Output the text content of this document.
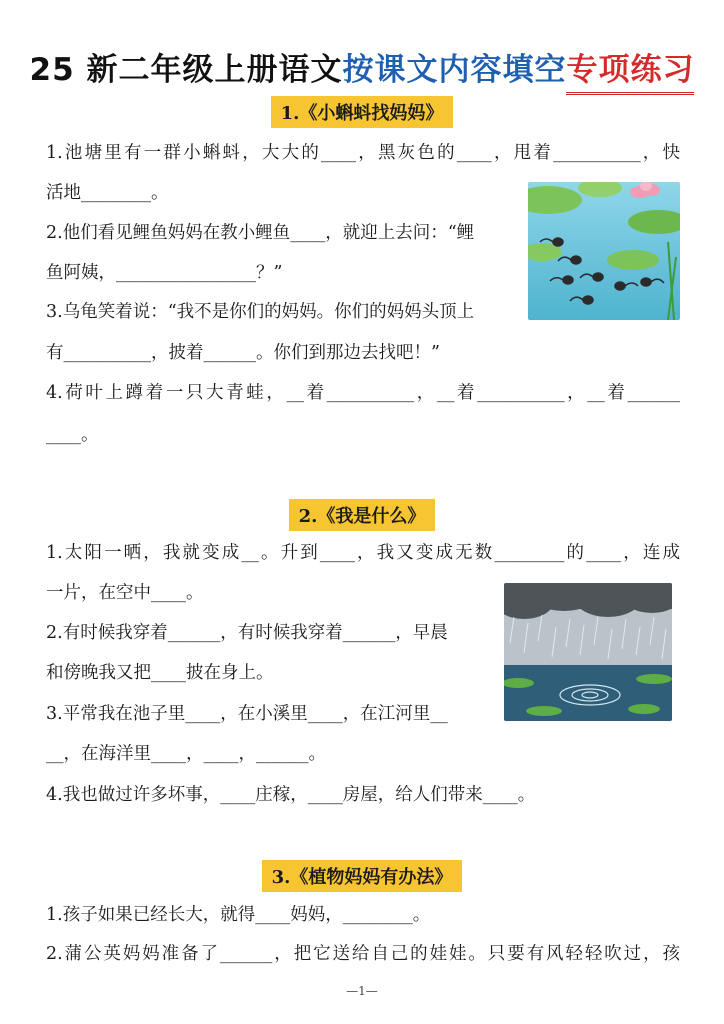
25 新二年级上册语文按课文内容填空专项练习
1.《小蝌蚪找妈妈》
1.池塘里有一群小蝌蚪，大大的____，黑灰色的____，甩着__________，快
活地________。
2.他们看见鲤鱼妈妈在教小鲤鱼____，就迎上去问：“鲤
鱼阿姨，________________？”
3.乌龟笑着说：“我不是你们的妈妈。你们的妈妈头顶上
有__________，披着______。你们到那边去找吧！”
4.荷叶上蹲着一只大青蛙，__着__________，__着__________，__着______
____。
2.《我是什么》
1.太阳一晒，我就变成__。升到____，我又变成无数________的____，连成
一片，在空中____。
2.有时候我穿着______，有时候我穿着______，早晨
和傍晚我又把____披在身上。
3.平常我在池子里____，在小溪里____，在江河里__
__，在海洋里____，____，______。
4.我也做过许多坏事，____庄稼，____房屋，给人们带来____。
3.《植物妈妈有办法》
1.孩子如果已经长大，就得____妈妈，________。
2.蒲公英妈妈准备了______，把它送给自己的娃娃。只要有风轻轻吹过，孩
—1—
